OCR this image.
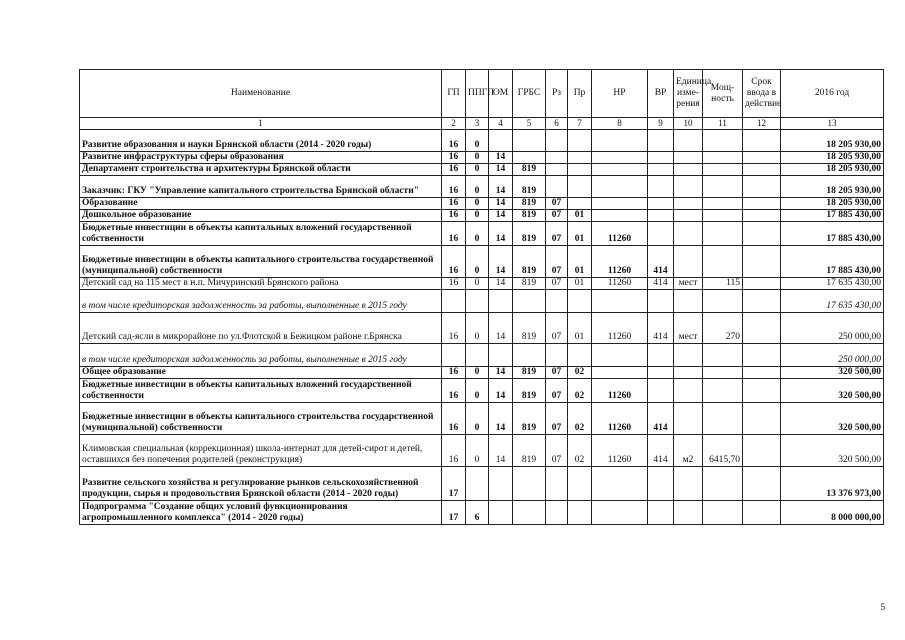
Наименование	ГП	ППГП	ОМ	ГРБС	Рз	Пр	НР	ВР	Единица изме-рения	Мощ-ность	Срок ввода в действие	2016 год
1	2	3	4	5	6	7	8	9	10	11	12	13
Развитие образования и науки Брянской области (2014 - 2020 годы)	16	0										18 205 930,00
Развитие инфраструктуры сферы образования	16	0	14									18 205 930,00
Департамент строительства и архитектуры Брянской области	16	0	14	819								18 205 930,00
Заказчик: ГКУ "Управление капитального строительства Брянской области"	16	0	14	819								18 205 930,00
Образование	16	0	14	819	07							18 205 930,00
Дошкольное образование	16	0	14	819	07	01						17 885 430,00
Бюджетные инвестиции в объекты капитальных вложений государственной собственности	16	0	14	819	07	01	11260					17 885 430,00
Бюджетные инвестиции в объекты капитального строительства государственной (муниципальной) собственности	16	0	14	819	07	01	11260	414				17 885 430,00
Детский сад на 115 мест в н.п. Мичуринский Брянского района	16	0	14	819	07	01	11260	414	мест	115		17 635 430,00
в том числе кредиторская задолженность за работы, выполненные в 2015 году												17 635 430,00
Детский сад-ясли в микрорайоне по ул.Флотской в Бежицком районе г.Брянска	16	0	14	819	07	01	11260	414	мест	270		250 000,00
в том числе кредиторская задолженность за работы, выполненные в 2015 году												250 000,00
Общее образование	16	0	14	819	07	02						320 500,00
Бюджетные инвестиции в объекты капитальных вложений государственной собственности	16	0	14	819	07	02	11260					320 500,00
Бюджетные инвестиции в объекты капитального строительства государственной (муниципальной) собственности	16	0	14	819	07	02	11260	414				320 500,00
Климовская специальная (коррекционная) школа-интернат для детей-сирот и детей, оставшихся без попечения родителей (реконструкция)	16	0	14	819	07	02	11260	414	м2	6415,70		320 500,00
Развитие сельского хозяйства и регулирование рынков сельскохозяйственной продукции, сырья и продовольствия Брянской области (2014 - 2020 годы)	17											13 376 973,00
Подпрограмма "Создание общих условий функционирования агропромышленного комплекса" (2014 - 2020 годы)	17	6										8 000 000,00
5
